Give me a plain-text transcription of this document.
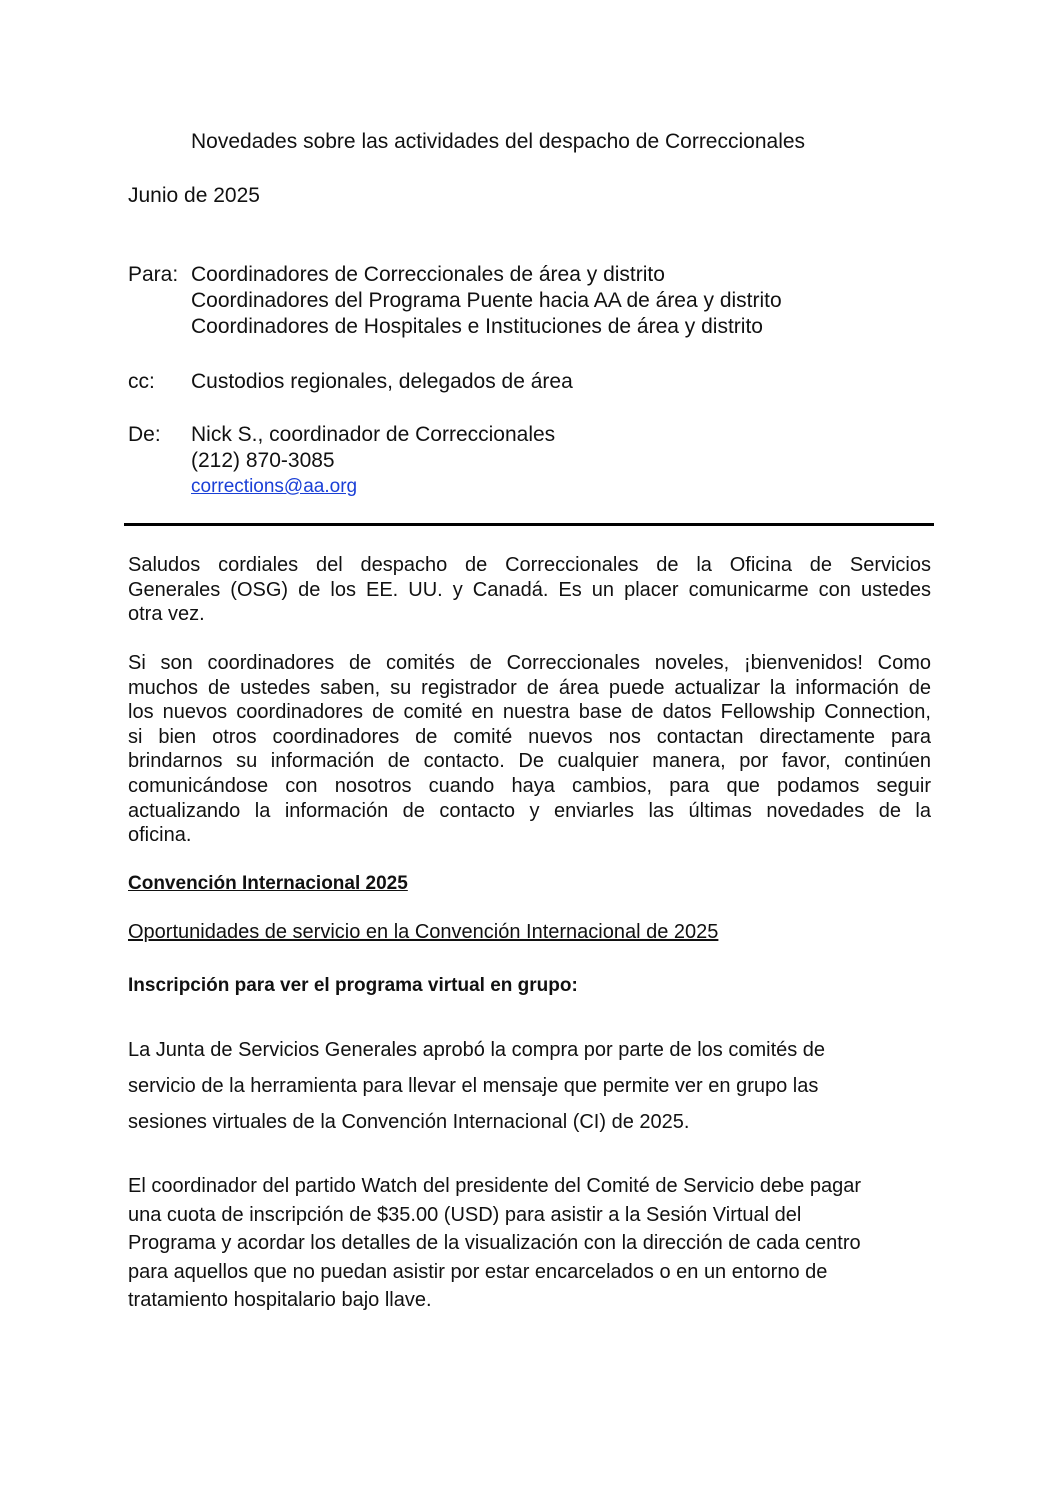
Novedades sobre las actividades del despacho de Correccionales
Junio de 2025
Para: Coordinadores de Correccionales de área y distrito
Coordinadores del Programa Puente hacia AA de área y distrito
Coordinadores de Hospitales e Instituciones de área y distrito
cc: Custodios regionales, delegados de área
De: Nick S., coordinador de Correccionales
(212) 870-3085
corrections@aa.org
Saludos cordiales del despacho de Correccionales de la Oficina de Servicios
Generales (OSG) de los EE. UU. y Canadá. Es un placer comunicarme con ustedes
otra vez.
Si son coordinadores de comités de Correccionales noveles, ¡bienvenidos! Como
muchos de ustedes saben, su registrador de área puede actualizar la información de
los nuevos coordinadores de comité en nuestra base de datos Fellowship Connection,
si bien otros coordinadores de comité nuevos nos contactan directamente para
brindarnos su información de contacto. De cualquier manera, por favor, continúen
comunicándose con nosotros cuando haya cambios, para que podamos seguir
actualizando la información de contacto y enviarles las últimas novedades de la
oficina.
Convención Internacional 2025
Oportunidades de servicio en la Convención Internacional de 2025
Inscripción para ver el programa virtual en grupo:
La Junta de Servicios Generales aprobó la compra por parte de los comités de
servicio de la herramienta para llevar el mensaje que permite ver en grupo las
sesiones virtuales de la Convención Internacional (CI) de 2025.
El coordinador del partido Watch del presidente del Comité de Servicio debe pagar
una cuota de inscripción de $35.00 (USD) para asistir a la Sesión Virtual del
Programa y acordar los detalles de la visualización con la dirección de cada centro
para aquellos que no puedan asistir por estar encarcelados o en un entorno de
tratamiento hospitalario bajo llave.
